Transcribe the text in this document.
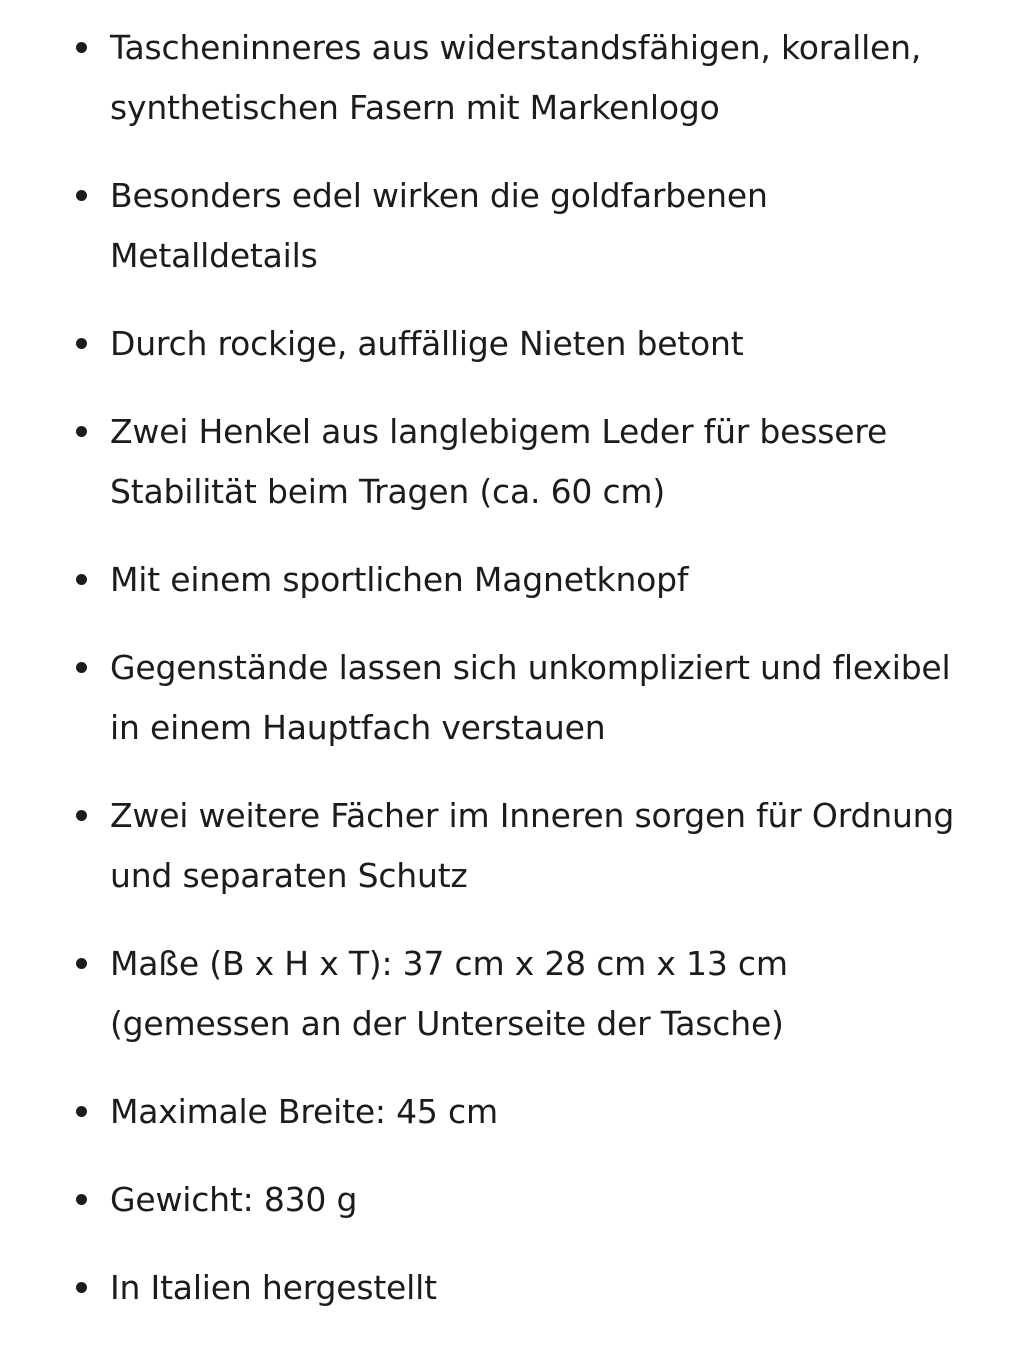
Tascheninneres aus widerstandsfähigen, korallen, synthetischen Fasern mit Markenlogo
Besonders edel wirken die goldfarbenen Metalldetails
Durch rockige, auffällige Nieten betont
Zwei Henkel aus langlebigem Leder für bessere Stabilität beim Tragen (ca. 60 cm)
Mit einem sportlichen Magnetknopf
Gegenstände lassen sich unkompliziert und flexibel in einem Hauptfach verstauen
Zwei weitere Fächer im Inneren sorgen für Ordnung und separaten Schutz
Maße (B x H x T): 37 cm x 28 cm x 13 cm (gemessen an der Unterseite der Tasche)
Maximale Breite: 45 cm
Gewicht: 830 g
In Italien hergestellt
